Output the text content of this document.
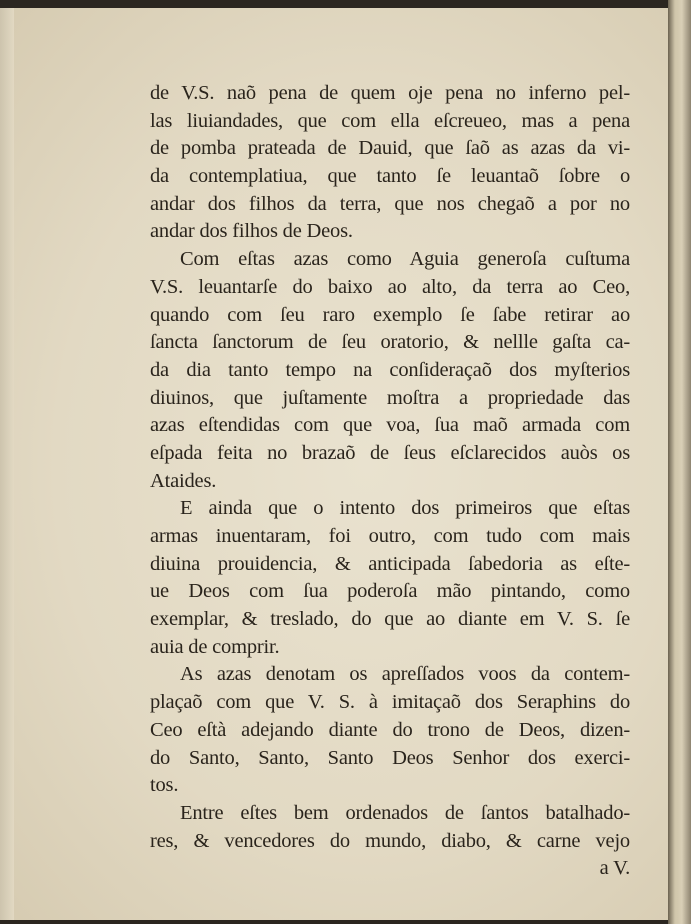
de V.S. naõ pena de quem oje pena no inferno pel-
las liuiandades, que com ella eſcreueo, mas a pena
de pomba prateada de Dauid, que ſaõ as azas da vi-
da contemplatiua, que tanto ſe leuantaõ ſobre o
andar dos filhos da terra, que nos chegaõ a por no
andar dos filhos de Deos.
Com eſtas azas como Aguia generoſa cuſtuma
V.S. leuantarſe do baixo ao alto, da terra ao Ceo,
quando com ſeu raro exemplo ſe ſabe retirar ao
ſancta ſanctorum de ſeu oratorio, & nellle gaſta ca-
da dia tanto tempo na conſideraçaõ dos myſterios
diuinos, que juſtamente moſtra a propriedade das
azas eſtendidas com que voa, ſua maõ armada com
eſpada feita no brazaõ de ſeus eſclarecidos auòs os
Ataides.
E ainda que o intento dos primeiros que eſtas
armas inuentaram, foi outro, com tudo com mais
diuina prouidencia, & anticipada ſabedoria as eſte-
ue Deos com ſua poderoſa mão pintando, como
exemplar, & treslado, do que ao diante em V. S. ſe
auia de comprir.
As azas denotam os apreſſados voos da contem-
plaçaõ com que V. S. à imitaçaõ dos Seraphins do
Ceo eſtà adejando diante do trono de Deos, dizen-
do Santo, Santo, Santo Deos Senhor dos exerci-
tos.
Entre eſtes bem ordenados de ſantos batalhado-
res, & vencedores do mundo, diabo, & carne vejo
a V.
